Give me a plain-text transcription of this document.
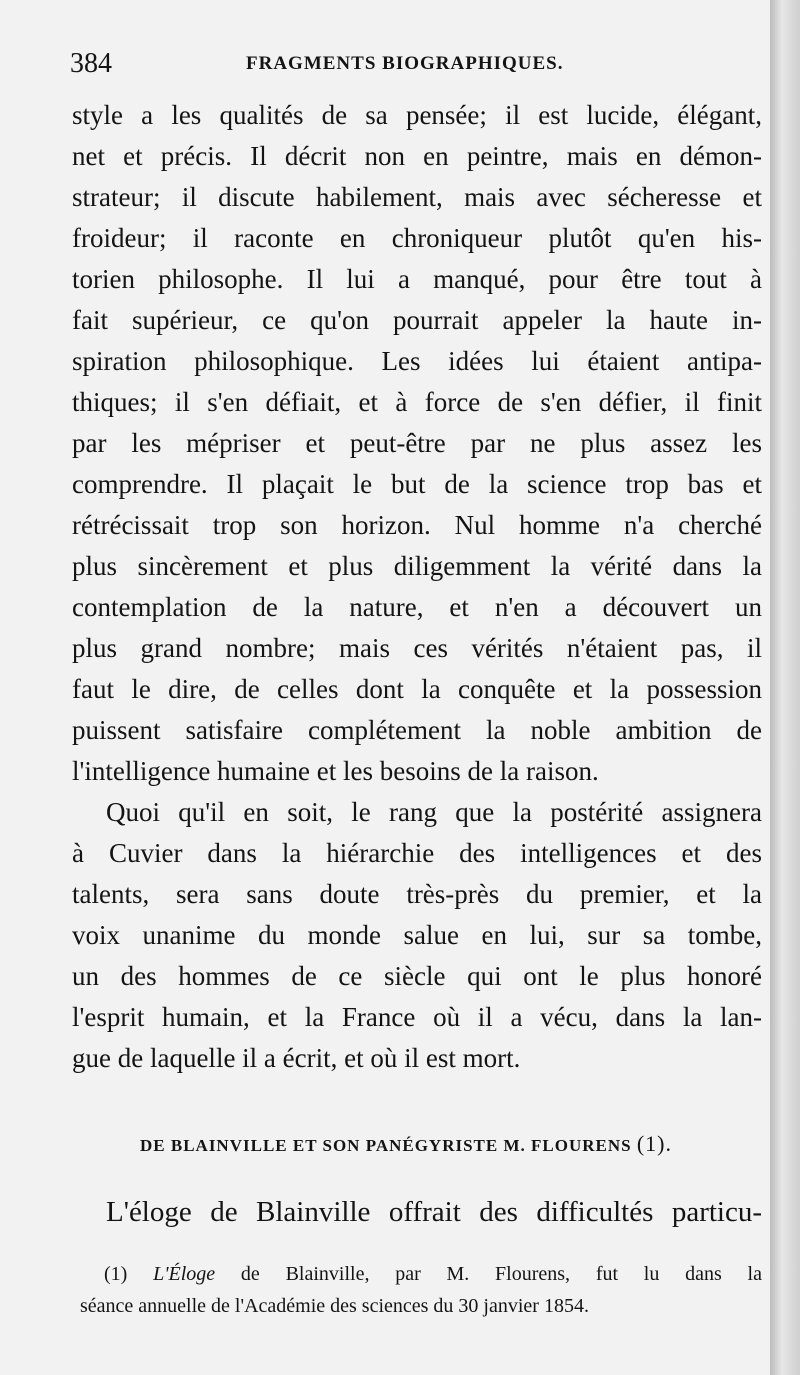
384	FRAGMENTS BIOGRAPHIQUES.
style a les qualités de sa pensée; il est lucide, élégant,
net et précis. Il décrit non en peintre, mais en démon-
strateur; il discute habilement, mais avec sécheresse et
froideur; il raconte en chroniqueur plutôt qu'en his-
torien philosophe. Il lui a manqué, pour être tout à
fait supérieur, ce qu'on pourrait appeler la haute in-
spiration philosophique. Les idées lui étaient antipa-
thiques; il s'en défiait, et à force de s'en défier, il finit
par les mépriser et peut-être par ne plus assez les
comprendre. Il plaçait le but de la science trop bas et
rétrécissait trop son horizon. Nul homme n'a cherché
plus sincèrement et plus diligemment la vérité dans la
contemplation de la nature, et n'en a découvert un
plus grand nombre; mais ces vérités n'étaient pas, il
faut le dire, de celles dont la conquête et la possession
puissent satisfaire complétement la noble ambition de
l'intelligence humaine et les besoins de la raison.
Quoi qu'il en soit, le rang que la postérité assignera
à Cuvier dans la hiérarchie des intelligences et des
talents, sera sans doute très-près du premier, et la
voix unanime du monde salue en lui, sur sa tombe,
un des hommes de ce siècle qui ont le plus honoré
l'esprit humain, et la France où il a vécu, dans la lan-
gue de laquelle il a écrit, et où il est mort.
DE BLAINVILLE ET SON PANÉGYRISTE M. FLOURENS (1).
L'éloge de Blainville offrait des difficultés particu-
(1) L'Éloge de Blainville, par M. Flourens, fut lu dans la
séance annuelle de l'Académie des sciences du 30 janvier 1854.
